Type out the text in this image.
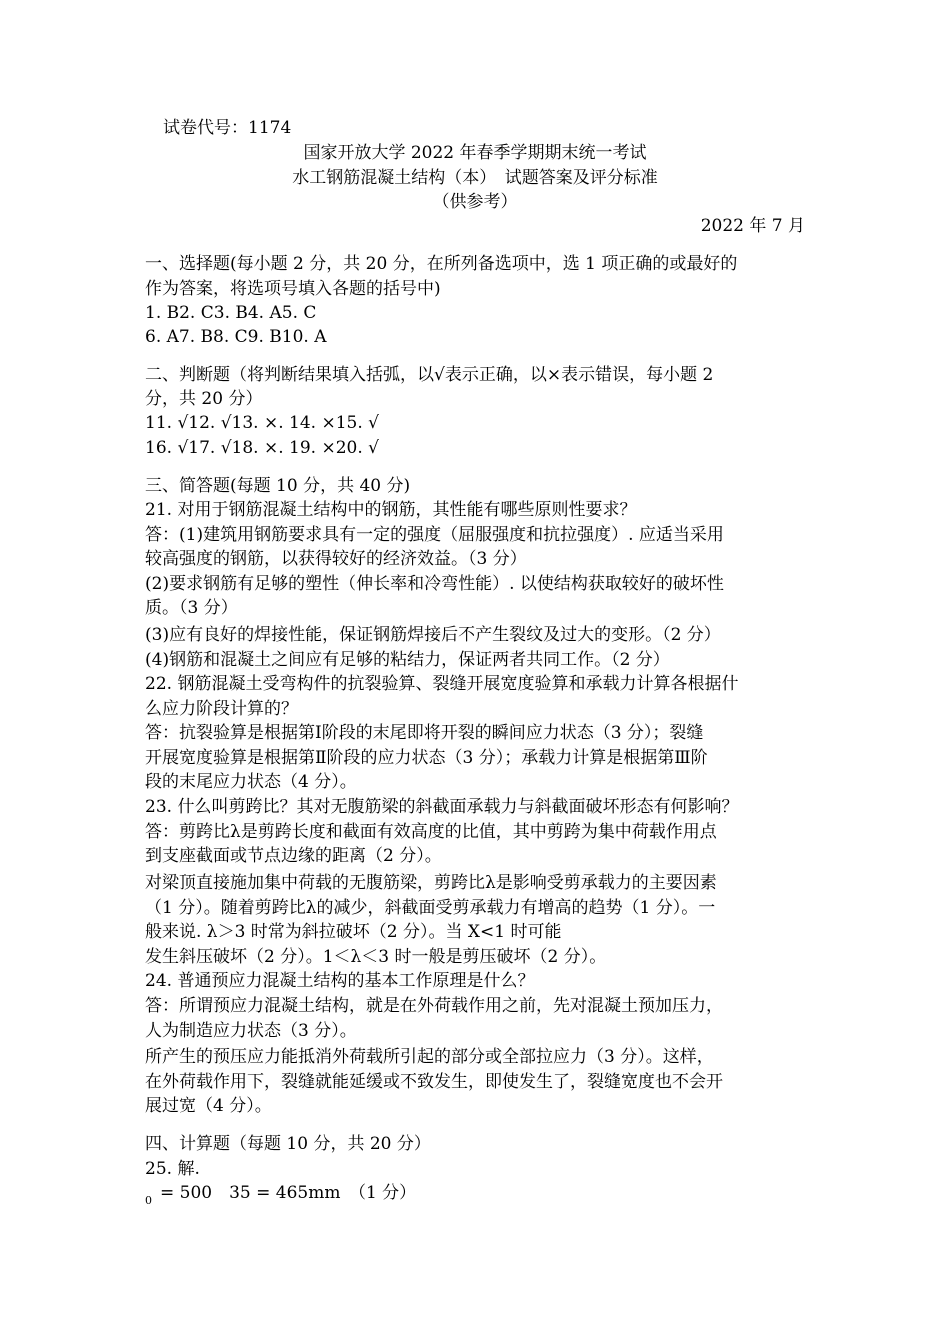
试卷代号：1174
国家开放大学 2022 年春季学期期末统一考试
水工钢筋混凝土结构（本）　试题答案及评分标准
（供参考）
2022 年 7 月
一、选择题(每小题 2 分，共 20 分，在所列备选项中，选 1 项正确的或最好的
作为答案，将选项号填入各题的括号中)
1. B2. C3. B4. A5. C
6. A7. B8. C9. B10. A
二、判断题（将判断结果填入括弧，以√表示正确，以×表示错误，每小题 2
分，共 20 分）
11. √12. √13. ×. 14. ×15. √
16. √17. √18. ×. 19. ×20. √
三、简答题(每题 10 分，共 40 分)
21. 对用于钢筋混凝土结构中的钢筋，其性能有哪些原则性要求？
答：(1)建筑用钢筋要求具有一定的强度（屈服强度和抗拉强度）. 应适当采用
较高强度的钢筋，以获得较好的经济效益。（3 分）
(2)要求钢筋有足够的塑性（伸长率和冷弯性能）. 以使结构获取较好的破坏性
质。（3 分）
(3)应有良好的焊接性能，保证钢筋焊接后不产生裂纹及过大的变形。（2 分）
(4)钢筋和混凝土之间应有足够的粘结力，保证两者共同工作。（2 分）
22. 钢筋混凝土受弯构件的抗裂验算、裂缝开展宽度验算和承载力计算各根据什
么应力阶段计算的？
答：抗裂验算是根据第Ⅰ阶段的末尾即将开裂的瞬间应力状态（3 分）；裂缝
开展宽度验算是根据第Ⅱ阶段的应力状态（3 分）；承载力计算是根据第Ⅲ阶
段的末尾应力状态（4 分）。
23. 什么叫剪跨比？其对无腹筋梁的斜截面承载力与斜截面破坏形态有何影响？
答：剪跨比λ是剪跨长度和截面有效高度的比值，其中剪跨为集中荷载作用点
到支座截面或节点边缘的距离（2 分）。
对梁顶直接施加集中荷载的无腹筋梁，剪跨比λ是影响受剪承载力的主要因素
（1 分）。随着剪跨比λ的减少，斜截面受剪承载力有增高的趋势（1 分）。一
般来说. λ＞3 时常为斜拉破坏（2 分）。当 X<1 时可能
发生斜压破坏（2 分）。1＜λ＜3 时一般是剪压破坏（2 分）。
24. 普通预应力混凝土结构的基本工作原理是什么？
答：所谓预应力混凝土结构，就是在外荷载作用之前，先对混凝土预加压力，
人为制造应力状态（3 分）。
所产生的预压应力能抵消外荷载所引起的部分或全部拉应力（3 分）。这样，
在外荷载作用下，裂缝就能延缓或不致发生，即使发生了，裂缝宽度也不会开
展过宽（4 分）。
四、计算题（每题 10 分，共 20 分）
25. 解.
$_0$ = 500　35 = 465mm　（1 分）
